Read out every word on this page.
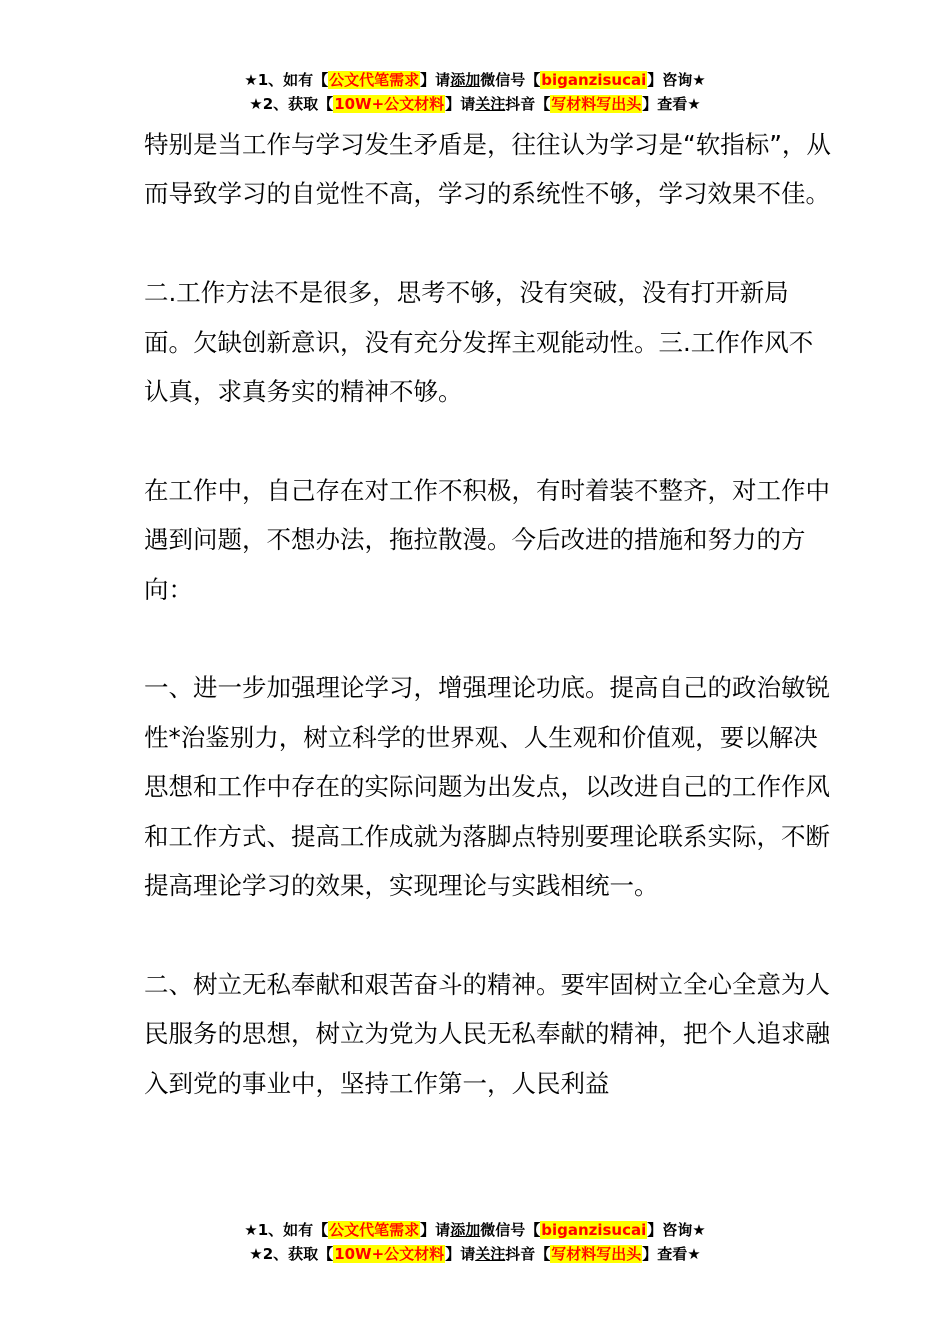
★1、如有【公文代笔需求】请添加微信号【biganzisucai】咨询★
★2、获取【10W+公文材料】请关注抖音【写材料写出头】查看★

特别是当工作与学习发生矛盾是，往往认为学习是“软指标”，从而导致学习的自觉性不高，学习的系统性不够，学习效果不佳。

二.工作方法不是很多，思考不够，没有突破，没有打开新局面。欠缺创新意识，没有充分发挥主观能动性。三.工作作风不认真，求真务实的精神不够。

在工作中，自己存在对工作不积极，有时着装不整齐，对工作中遇到问题，不想办法，拖拉散漫。今后改进的措施和努力的方向：

一、进一步加强理论学习，增强理论功底。提高自己的政治敏锐性*治鉴别力，树立科学的世界观、人生观和价值观，要以解决思想和工作中存在的实际问题为出发点，以改进自己的工作作风和工作方式、提高工作成就为落脚点特别要理论联系实际，不断提高理论学习的效果，实现理论与实践相统一。

二、树立无私奉献和艰苦奋斗的精神。要牢固树立全心全意为人民服务的思想，树立为党为人民无私奉献的精神，把个人追求融入到党的事业中，坚持工作第一，人民利益

★1、如有【公文代笔需求】请添加微信号【biganzisucai】咨询★
★2、获取【10W+公文材料】请关注抖音【写材料写出头】查看★
